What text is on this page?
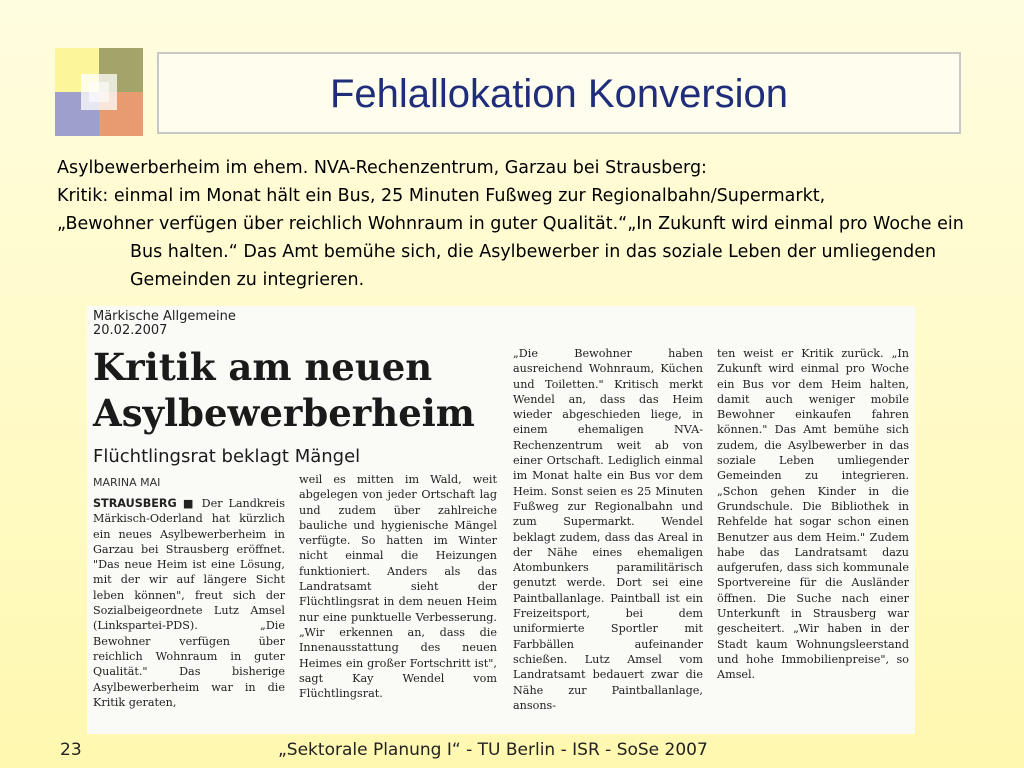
Fehlallokation Konversion

Asylbewerberheim im ehem. NVA-Rechenzentrum, Garzau bei Strausberg:

Kritik: einmal im Monat hält ein Bus, 25 Minuten Fußweg zur Regionalbahn/Supermarkt,

„Bewohner verfügen über reichlich Wohnraum in guter Qualität.“„In Zukunft wird einmal pro Woche ein Bus halten.“ Das Amt bemühe sich, die Asylbewerber in das soziale Leben der umliegenden Gemeinden zu integrieren.

Märkische Allgemeine
20.02.2007
Kritik am neuen
Asylbewerberheim
Flüchtlingsrat beklagt Mängel
MARINA MAI
STRAUSBERG ■ Der Landkreis Märkisch-Oderland hat kürzlich ein neues Asylbewerberheim in Garzau bei Strausberg eröffnet. "Das neue Heim ist eine Lösung, mit der wir auf längere Sicht leben können", freut sich der Sozialbeigeordnete Lutz Amsel (Linkspartei-PDS). „Die Bewohner verfügen über reichlich Wohnraum in guter Qualität." Das bisherige Asylbewerberheim war in die Kritik geraten,
weil es mitten im Wald, weit abgelegen von jeder Ortschaft lag und zudem über zahlreiche bauliche und hygienische Mängel verfügte. So hatten im Winter nicht einmal die Heizungen funktioniert. Anders als das Landratsamt sieht der Flüchtlingsrat in dem neuen Heim nur eine punktuelle Verbesserung. „Wir erkennen an, dass die Innenausstattung des neuen Heimes ein großer Fortschritt ist", sagt Kay Wendel vom Flüchtlingsrat.
„Die Bewohner haben ausreichend Wohnraum, Küchen und Toiletten." Kritisch merkt Wendel an, dass das Heim wieder abgeschieden liege, in einem ehemaligen NVA-Rechenzentrum weit ab von einer Ortschaft. Lediglich einmal im Monat halte ein Bus vor dem Heim. Sonst seien es 25 Minuten Fußweg zur Regionalbahn und zum Supermarkt. Wendel beklagt zudem, dass das Areal in der Nähe eines ehemaligen Atombunkers paramilitärisch genutzt werde. Dort sei eine Paintballanlage. Paintball ist ein Freizeitsport, bei dem uniformierte Sportler mit Farbbällen aufeinander schießen. Lutz Amsel vom Landratsamt bedauert zwar die Nähe zur Paintballanlage, ansons-
ten weist er Kritik zurück. „In Zukunft wird einmal pro Woche ein Bus vor dem Heim halten, damit auch weniger mobile Bewohner einkaufen fahren können." Das Amt bemühe sich zudem, die Asylbewerber in das soziale Leben umliegender Gemeinden zu integrieren. „Schon gehen Kinder in die Grundschule. Die Bibliothek in Rehfelde hat sogar schon einen Benutzer aus dem Heim." Zudem habe das Landratsamt dazu aufgerufen, dass sich kommunale Sportvereine für die Ausländer öffnen. Die Suche nach einer Unterkunft in Strausberg war gescheitert. „Wir haben in der Stadt kaum Wohnungsleerstand und hohe Immobilienpreise", so Amsel.
23	„Sektorale Planung I“ - TU Berlin - ISR - SoSe 2007
